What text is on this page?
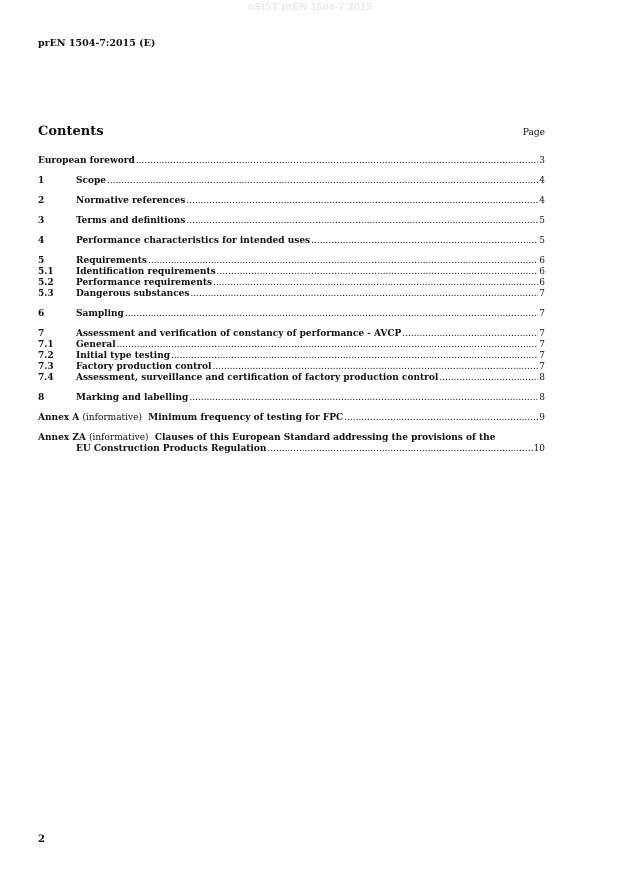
oSIST prEN 1504-7:2015
prEN 1504-7:2015 (E)
Contents	Page
European foreword .....	3
1	Scope .....	4
2	Normative references .....	4
3	Terms and definitions .....	5
4	Performance characteristics for intended uses .....	5
5	Requirements .....	6
5.1	Identification requirements .....	6
5.2	Performance requirements .....	6
5.3	Dangerous substances .....	7
6	Sampling .....	7
7	Assessment and verification of constancy of performance - AVCP .....	7
7.1	General .....	7
7.2	Initial type testing .....	7
7.3	Factory production control .....	7
7.4	Assessment, surveillance and certification of factory production control .....	8
8	Marking and labelling .....	8
Annex A (informative) Minimum frequency of testing for FPC .....	9
Annex ZA (informative) Clauses of this European Standard addressing the provisions of the
EU Construction Products Regulation .....	10
2
